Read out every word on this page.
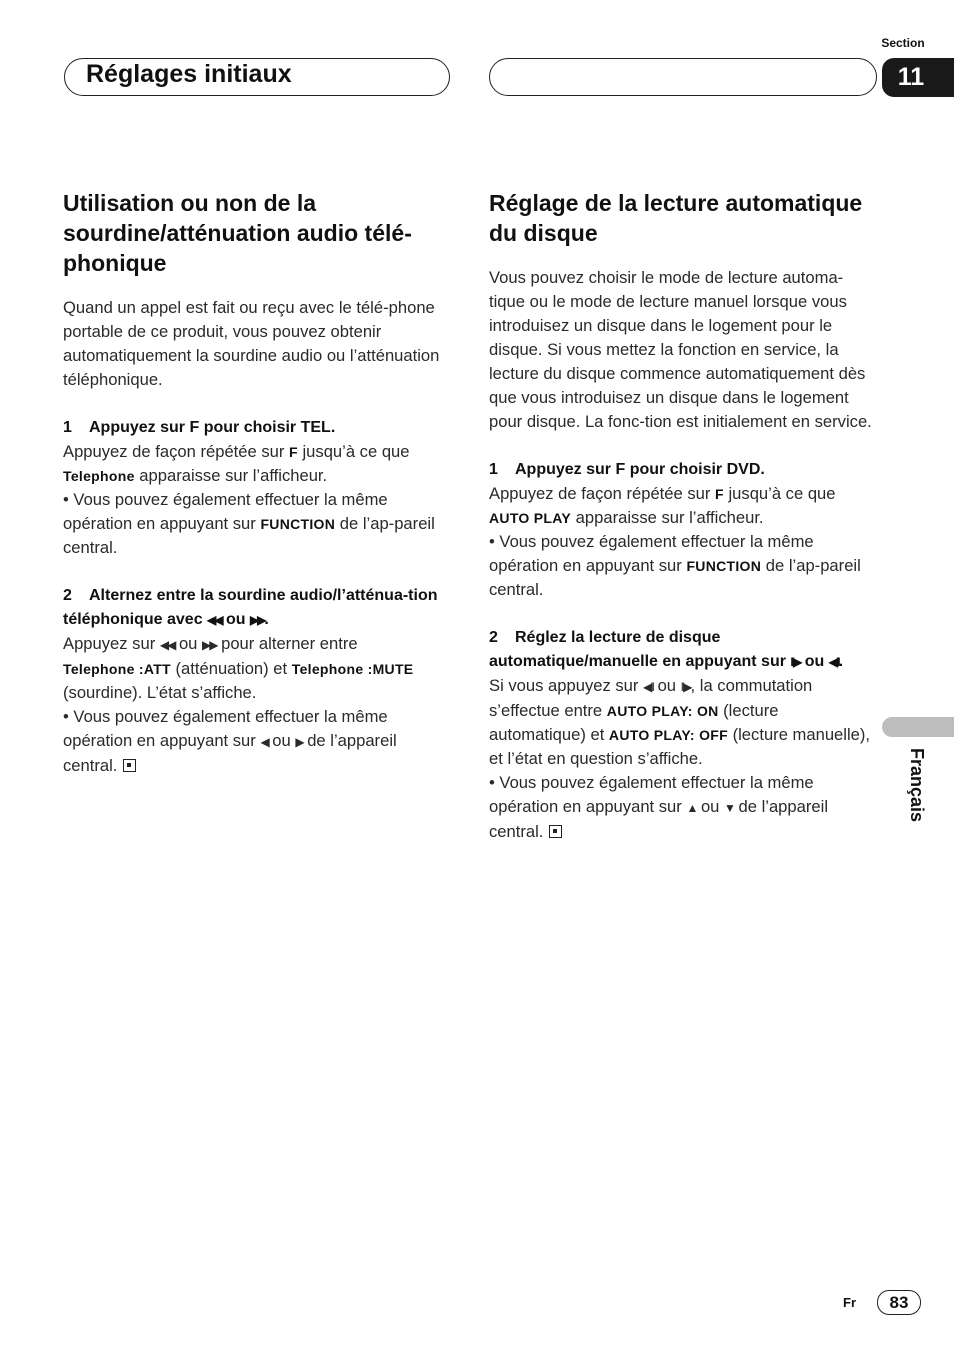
Section
Réglages initiaux	11
Utilisation ou non de la sourdine/atténuation audio télé-phonique

Quand un appel est fait ou reçu avec le télé-phone portable de ce produit, vous pouvez obtenir automatiquement la sourdine audio ou l’atténuation téléphonique.

1 Appuyez sur F pour choisir TEL.

Appuyez de façon répétée sur F jusqu’à ce que
Telephone apparaisse sur l’afficheur.

• Vous pouvez également effectuer la même opération en appuyant sur FUNCTION de l’ap-pareil central.

2 Alternez entre la sourdine audio/l’atténua-tion téléphonique avec ◀◀ ou ▶▶.

Appuyez sur ◀◀ ou ▶▶ pour alterner entre
Telephone :ATT (atténuation) et Telephone :MUTE (sourdine). L’état s’affiche.

• Vous pouvez également effectuer la même opération en appuyant sur ◀ ou ▶ de l’appareil central.

Réglage de la lecture automatique du disque

Vous pouvez choisir le mode de lecture automa-tique ou le mode de lecture manuel lorsque vous introduisez un disque dans le logement pour le disque. Si vous mettez la fonction en service, la lecture du disque commence automatiquement dès que vous introduisez un disque dans le logement pour disque. La fonc-tion est initialement en service.

1 Appuyez sur F pour choisir DVD.

Appuyez de façon répétée sur F jusqu’à ce que
AUTO PLAY apparaisse sur l’afficheur.

• Vous pouvez également effectuer la même opération en appuyant sur FUNCTION de l’ap-pareil central.

2 Réglez la lecture de disque automatique/manuelle en appuyant sur II▶ ou ◀II.

Si vous appuyez sur ◀II ou II▶, la commutation s’effectue entre AUTO PLAY: ON (lecture automatique) et AUTO PLAY: OFF (lecture manuelle), et l’état en question s’affiche.

• Vous pouvez également effectuer la même opération en appuyant sur ▲ ou ▼ de l’appareil central.

Français
Fr	83
